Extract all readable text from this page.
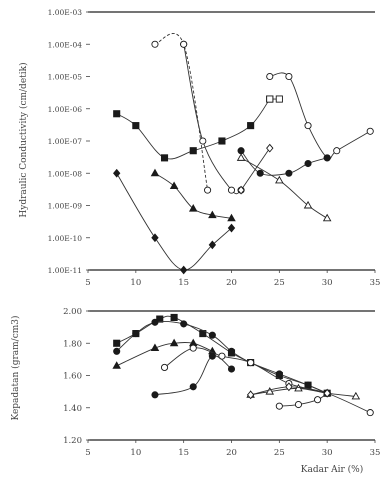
1.00E-03
1.00E-04
1.00E-05
1.00E-06
1.00E-07
1.00E-08
1.00E-09
1.00E-10
1.00E-11
5	10	15	20	25	30	35
Hydraulic Conductivity (cm/detik)
2.00
1.80
1.60
1.40
1.20
5	10	15	20	25	30	35
Kepadatan (gram/cm3)
Kadar Air (%)
